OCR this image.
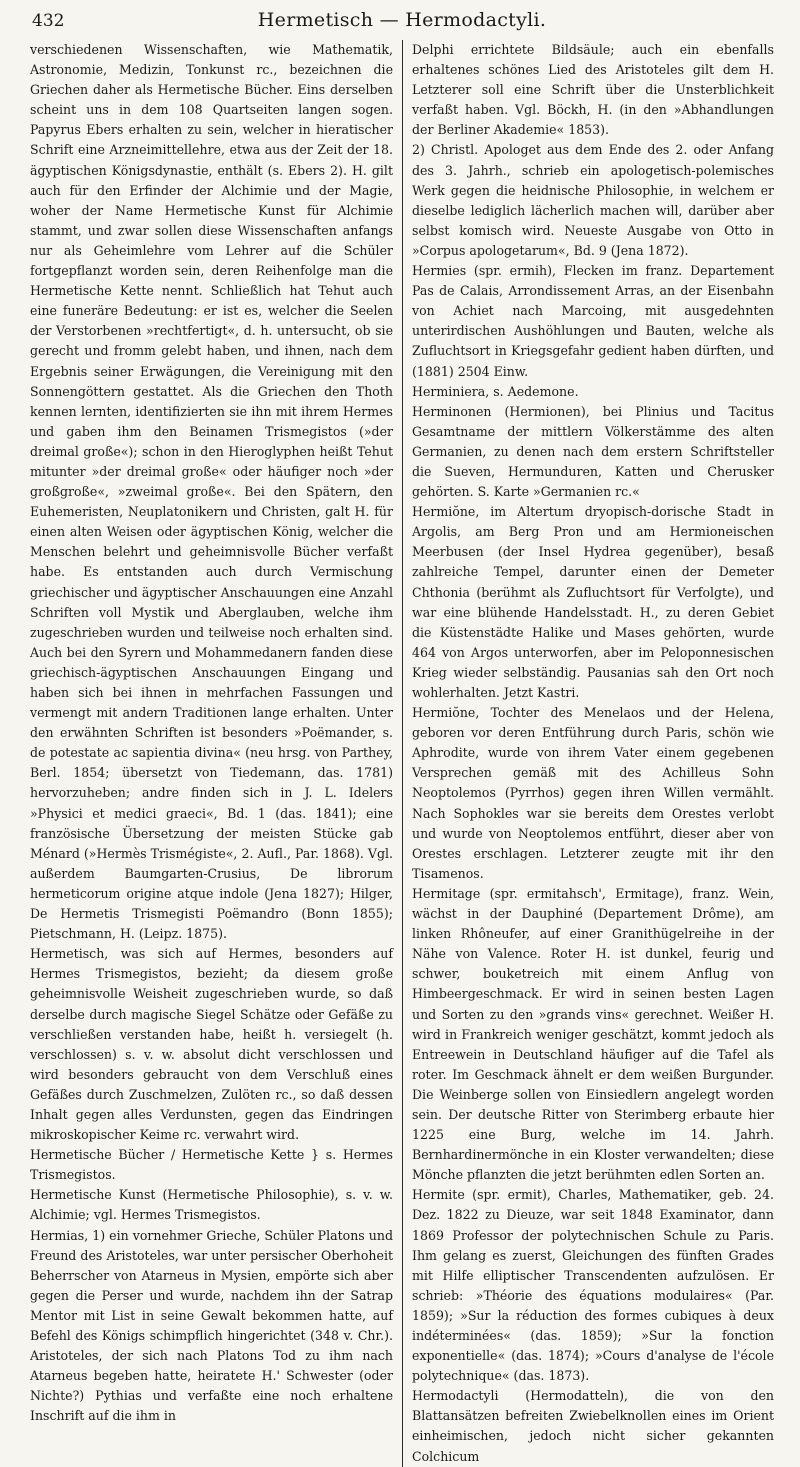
432	Hermetisch — Hermodactyli.

verschiedenen Wissenschaften, wie Mathematik, Astronomie, Medizin, Tonkunst rc., bezeichnen die Griechen daher als Hermetische Bücher. Eins derselben scheint uns in dem 108 Quartseiten langen sogen. Papyrus Ebers erhalten zu sein, welcher in hieratischer Schrift eine Arzneimittellehre, etwa aus der Zeit der 18. ägyptischen Königsdynastie, enthält (s. Ebers 2). H. gilt auch für den Erfinder der Alchimie und der Magie, woher der Name Hermetische Kunst für Alchimie stammt, und zwar sollen diese Wissenschaften anfangs nur als Geheimlehre vom Lehrer auf die Schüler fortgepflanzt worden sein, deren Reihenfolge man die Hermetische Kette nennt. Schließlich hat Tehut auch eine funeräre Bedeutung: er ist es, welcher die Seelen der Verstorbenen »rechtfertigt«, d. h. untersucht, ob sie gerecht und fromm gelebt haben, und ihnen, nach dem Ergebnis seiner Erwägungen, die Vereinigung mit den Sonnengöttern gestattet. Als die Griechen den Thoth kennen lernten, identifizierten sie ihn mit ihrem Hermes und gaben ihm den Beinamen Trismegistos (»der dreimal große«); schon in den Hieroglyphen heißt Tehut mitunter »der dreimal große« oder häufiger noch »der großgroße«, »zweimal große«. Bei den Spätern, den Euhemeristen, Neuplatonikern und Christen, galt H. für einen alten Weisen oder ägyptischen König, welcher die Menschen belehrt und geheimnisvolle Bücher verfaßt habe. Es entstanden auch durch Vermischung griechischer und ägyptischer Anschauungen eine Anzahl Schriften voll Mystik und Aberglauben, welche ihm zugeschrieben wurden und teilweise noch erhalten sind. Auch bei den Syrern und Mohammedanern fanden diese griechisch-ägyptischen Anschauungen Eingang und haben sich bei ihnen in mehrfachen Fassungen und vermengt mit andern Traditionen lange erhalten. Unter den erwähnten Schriften ist besonders »Poëmander, s. de potestate ac sapientia divina« (neu hrsg. von Parthey, Berl. 1854; übersetzt von Tiedemann, das. 1781) hervorzuheben; andre finden sich in J. L. Idelers »Physici et medici graeci«, Bd. 1 (das. 1841); eine französische Übersetzung der meisten Stücke gab Ménard (»Hermès Trismégiste«, 2. Aufl., Par. 1868). Vgl. außerdem Baumgarten-Crusius, De librorum hermeticorum origine atque indole (Jena 1827); Hilger, De Hermetis Trismegisti Poëmandro (Bonn 1855); Pietschmann, H. (Leipz. 1875).

Hermetisch, was sich auf Hermes, besonders auf Hermes Trismegistos, bezieht; da diesem große geheimnisvolle Weisheit zugeschrieben wurde, so daß derselbe durch magische Siegel Schätze oder Gefäße zu verschließen verstanden habe, heißt h. versiegelt (h. verschlossen) s. v. w. absolut dicht verschlossen und wird besonders gebraucht von dem Verschluß eines Gefäßes durch Zuschmelzen, Zulöten rc., so daß dessen Inhalt gegen alles Verdunsten, gegen das Eindringen mikroskopischer Keime rc. verwahrt wird.

Hermetische Bücher / Hermetische Kette } s. Hermes Trismegistos.

Hermetische Kunst (Hermetische Philosophie), s. v. w. Alchimie; vgl. Hermes Trismegistos.

Hermias, 1) ein vornehmer Grieche, Schüler Platons und Freund des Aristoteles, war unter persischer Oberhoheit Beherrscher von Atarneus in Mysien, empörte sich aber gegen die Perser und wurde, nachdem ihn der Satrap Mentor mit List in seine Gewalt bekommen hatte, auf Befehl des Königs schimpflich hingerichtet (348 v. Chr.). Aristoteles, der sich nach Platons Tod zu ihm nach Atarneus begeben hatte, heiratete H.' Schwester (oder Nichte?) Pythias und verfaßte eine noch erhaltene Inschrift auf die ihm in

Delphi errichtete Bildsäule; auch ein ebenfalls erhaltenes schönes Lied des Aristoteles gilt dem H. Letzterer soll eine Schrift über die Unsterblichkeit verfaßt haben. Vgl. Böckh, H. (in den »Abhandlungen der Berliner Akademie« 1853).

2) Christl. Apologet aus dem Ende des 2. oder Anfang des 3. Jahrh., schrieb ein apologetisch-polemisches Werk gegen die heidnische Philosophie, in welchem er dieselbe lediglich lächerlich machen will, darüber aber selbst komisch wird. Neueste Ausgabe von Otto in »Corpus apologetarum«, Bd. 9 (Jena 1872).

Hermies (spr. ermih), Flecken im franz. Departement Pas de Calais, Arrondissement Arras, an der Eisenbahn von Achiet nach Marcoing, mit ausgedehnten unterirdischen Aushöhlungen und Bauten, welche als Zufluchtsort in Kriegsgefahr gedient haben dürften, und (1881) 2504 Einw.

Herminiera, s. Aedemone.

Herminonen (Hermionen), bei Plinius und Tacitus Gesamtname der mittlern Völkerstämme des alten Germanien, zu denen nach dem erstern Schriftsteller die Sueven, Hermunduren, Katten und Cherusker gehörten. S. Karte »Germanien rc.«

Hermiŏne, im Altertum dryopisch-dorische Stadt in Argolis, am Berg Pron und am Hermioneischen Meerbusen (der Insel Hydrea gegenüber), besaß zahlreiche Tempel, darunter einen der Demeter Chthonia (berühmt als Zufluchtsort für Verfolgte), und war eine blühende Handelsstadt. H., zu deren Gebiet die Küstenstädte Halike und Mases gehörten, wurde 464 von Argos unterworfen, aber im Peloponnesischen Krieg wieder selbständig. Pausanias sah den Ort noch wohlerhalten. Jetzt Kastri.

Hermiŏne, Tochter des Menelaos und der Helena, geboren vor deren Entführung durch Paris, schön wie Aphrodite, wurde von ihrem Vater einem gegebenen Versprechen gemäß mit des Achilleus Sohn Neoptolemos (Pyrrhos) gegen ihren Willen vermählt. Nach Sophokles war sie bereits dem Orestes verlobt und wurde von Neoptolemos entführt, dieser aber von Orestes erschlagen. Letzterer zeugte mit ihr den Tisamenos.

Hermitage (spr. ermitahsch', Ermitage), franz. Wein, wächst in der Dauphiné (Departement Drôme), am linken Rhôneufer, auf einer Granithügelreihe in der Nähe von Valence. Roter H. ist dunkel, feurig und schwer, bouketreich mit einem Anflug von Himbeergeschmack. Er wird in seinen besten Lagen und Sorten zu den »grands vins« gerechnet. Weißer H. wird in Frankreich weniger geschätzt, kommt jedoch als Entreewein in Deutschland häufiger auf die Tafel als roter. Im Geschmack ähnelt er dem weißen Burgunder. Die Weinberge sollen von Einsiedlern angelegt worden sein. Der deutsche Ritter von Sterimberg erbaute hier 1225 eine Burg, welche im 14. Jahrh. Bernhardinermönche in ein Kloster verwandelten; diese Mönche pflanzten die jetzt berühmten edlen Sorten an.

Hermite (spr. ermit), Charles, Mathematiker, geb. 24. Dez. 1822 zu Dieuze, war seit 1848 Examinator, dann 1869 Professor der polytechnischen Schule zu Paris. Ihm gelang es zuerst, Gleichungen des fünften Grades mit Hilfe elliptischer Transcendenten aufzulösen. Er schrieb: »Théorie des équations modulaires« (Par. 1859); »Sur la réduction des formes cubiques à deux indéterminées« (das. 1859); »Sur la fonction exponentielle« (das. 1874); »Cours d'analyse de l'école polytechnique« (das. 1873).

Hermodactyli (Hermodatteln), die von den Blattansätzen befreiten Zwiebelknollen eines im Orient einheimischen, jedoch nicht sicher gekannten Colchicum
